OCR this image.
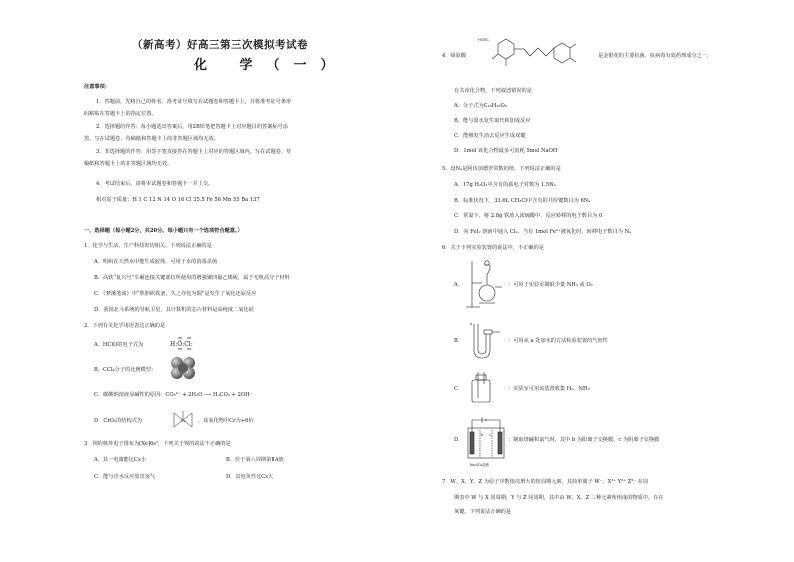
（新高考）好高三第三次模拟考试卷
化 学（一）
注意事项：
1．答题前，先将自己的姓名、准考证号填写在试题卷和答题卡上，并将准考证号条形
码粘贴在答题卡上的指定位置。
2．选择题的作答：每小题选出答案后，用2B铅笔把答题卡上对应题目的答案标号涂
黑，写在试题卷、草稿纸和答题卡上的非答题区域均无效。
3．非选择题的作答：用签字笔直接答在答题卡上对应的答题区域内。写在试题卷、草
稿纸和答题卡上的非答题区域均无效。
4．考试结束后，请将本试题卷和答题卡一并上交。
相对原子质量：H 1 C 12 N 14 O 16 Cl 35.5 Fe 56 Mn 55 Ba 137
一、选择题（每小题2分，共20分。每小题只有一个选项符合题意。）
1．化学与生活、生产科技密切相关。下列说法正确的是
A．明矾在天然水中能生成胶体，可用于水的消毒杀菌
B．高铁“复兴号”车厢连接关键部位所使用的增强聚四氟乙烯板，属于无机高分子材料
C．《梦溪笔谈》中“熬胆矾铁釜，久之亦化为铜”是发生了氧化还原反应
D．我国北斗系统的导航卫星，其计算机的芯片材料是高纯度二氧化硅
2．下列有关化学用语表达正确的是
A．HClO的电子式为	H:Ö:Cl:
B．CCl₄分子的比例模型：
C．碳酸钠溶液显碱性的原因：CO₃²⁻ + 2H₂O ⟶ H₂CO₃ + 2OH⁻
D．CrO₅的结构式为	Cr ，该氧化物中Cr为+6价
3．钡的核外电子排布为[Xe]6s²，下列关于钡的说法不正确的是
A．其一电离能比Cs小	B．位于第六周期第ⅡA族
C．能与冷水反应放出氢气	D．其电负性比Cs大
4．绿原酸
HOOC
是金银花的主要抗菌、抗病毒有效药理成分之一，
有关该化合物，下列叙述错误的是
A．分子式为C₁₆H₁₈O₉
B．能与溴水发生取代和加成反应
C．能够发生消去反应生成双键
D．1mol 该化合物最多可消耗 5mol NaOH
5．设Nₐ是阿伏加德罗常数的值，下列说法正确的是
A．17g H₂O₂中含有的孤电子对数为 1.5Nₐ
B．标准状况下，33.6L CH₃Cl中含有的共价键数目为 6Nₐ
C．常温下，将 2.8g 铁放入浓硫酸中，反应转移的电子数目为 0
D．向 FeI₂ 溶液中通入 Cl₂，当有 1mol Fe²⁺被氧化时，转移电子数目为 Nₐ
6．关于下列实验装置的说法中，不正确的是
A．	：可用于实验室制取少量 NH₃ 或 O₂
B．
a
：可用从 a 处加水的方法检验装置的气密性
C．	：实验室可用该装置收集 H₂、NH₃
D．
b c
Na₂SO₄溶液
：制取烧碱和氯气时，其中 b 为阳离子交换膜，c 为阴离子交换膜
7．W、X、Y、Z 为原子序数依次增大的短周期元素，其简单离子 W⁻、X²⁺ Y³⁺ Z²⁻ 在周
期表中 W 与 X 同周期，Y 与 Z 同周期，其中由 W、X、Z 三种元素所组成的物质中，存在
氧键。下列说法正确的是
